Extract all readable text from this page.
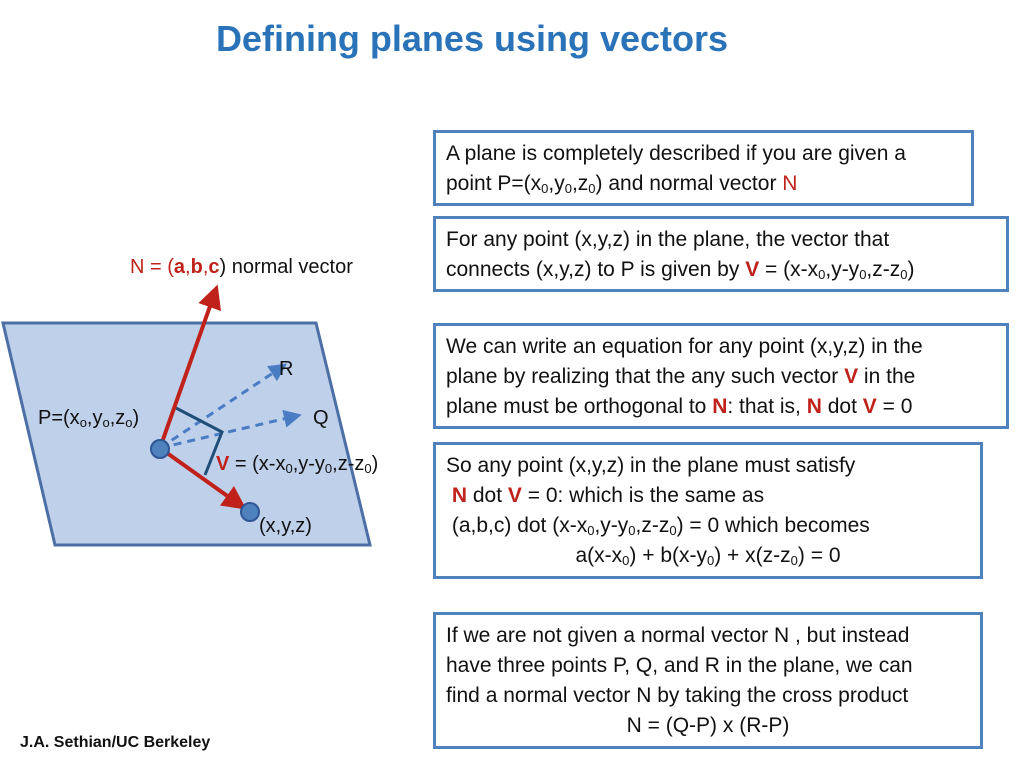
Defining planes using vectors
A plane is completely described if you are given a
point $P=(x_0,y_0,z_0)$ and normal vector N
For any point (x,y,z) in the plane, the vector that
connects (x,y,z) to P is given by $V = (x-x_0,y-y_0,z-z_0)$
We can write an equation for any point (x,y,z) in the
plane by realizing that the any such vector V in the
plane must be orthogonal to N: that is, N dot V = 0
So any point (x,y,z) in the plane must satisfy
N dot V = 0: which is the same as
(a,b,c) dot $(x-x_0,y-y_0,z-z_0) = 0$ which becomes
$a(x-x_0) + b(x-y_0) + x(z-z_0) = 0$
If we are not given a normal vector N , but instead
have three points P, Q, and R in the plane, we can
find a normal vector N by taking the cross product
N = (Q-P) x (R-P)
N = (a,b,c) normal vector
$P=(x_o,y_o,z_o)$
R
Q
$V = (x-x_0,y-y_0,z-z_0)$
(x,y,z)
J.A. Sethian/UC Berkeley
